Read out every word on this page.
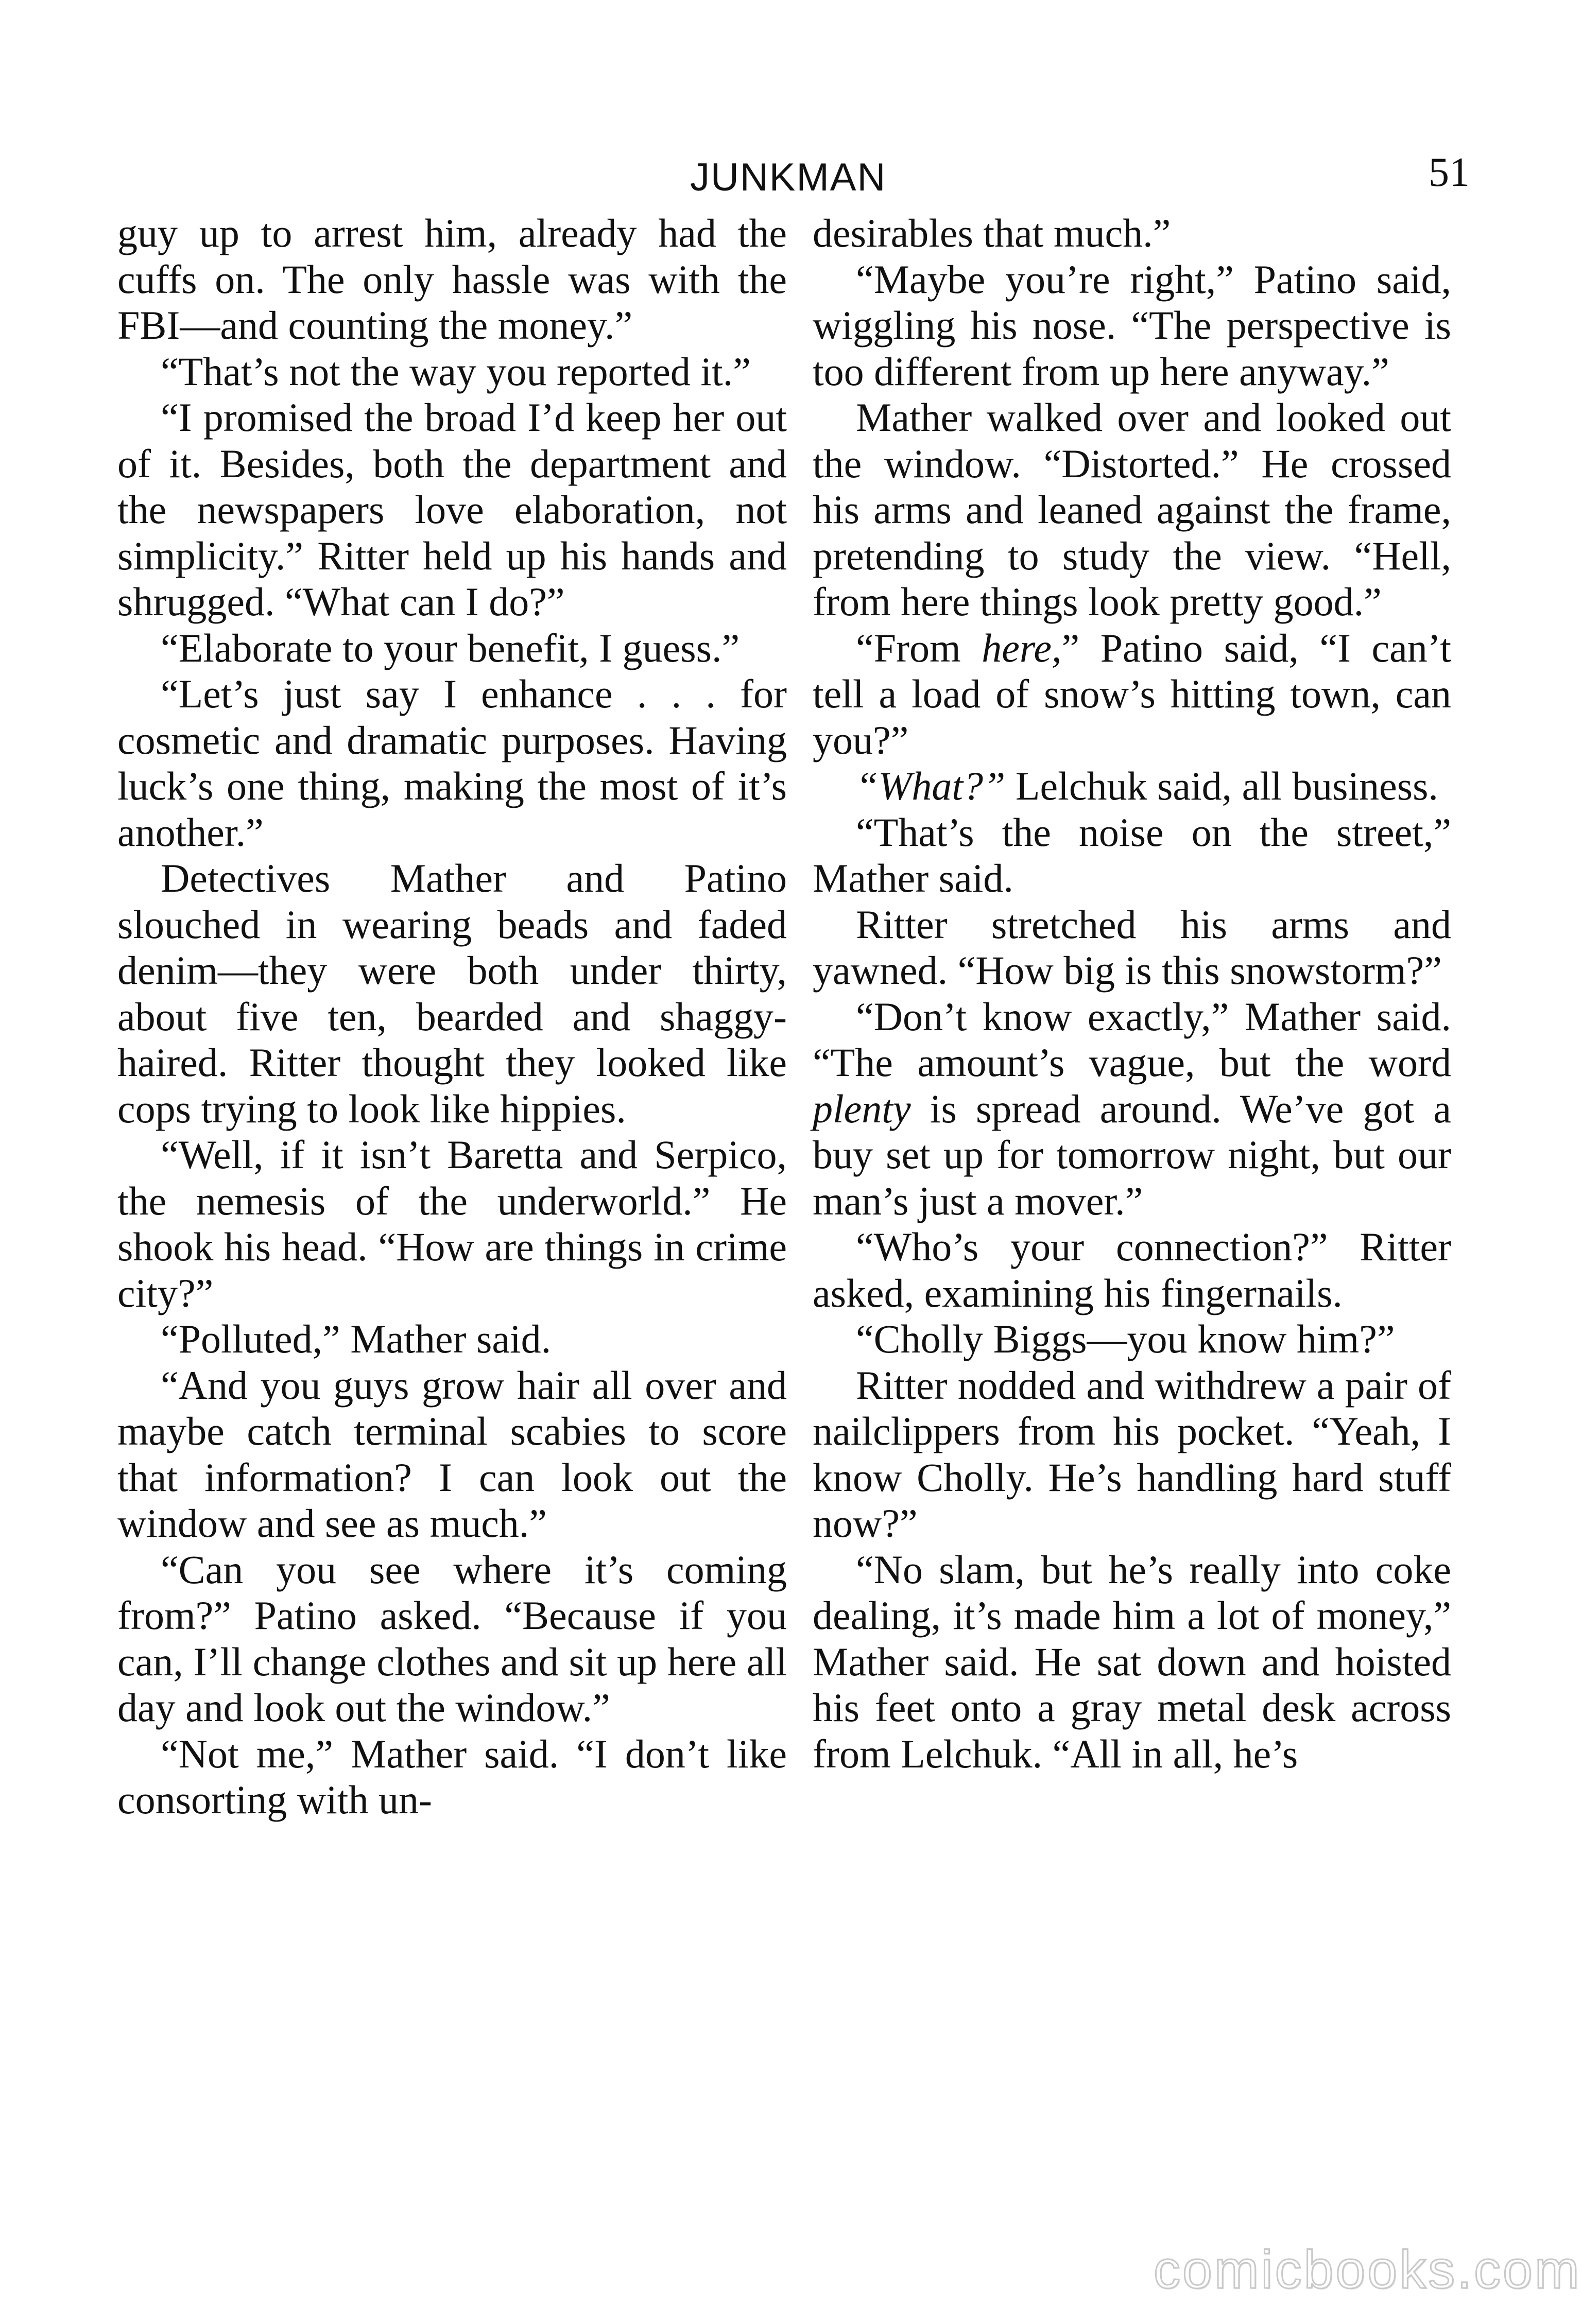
JUNKMAN	51

guy up to arrest him, already had the cuffs on. The only hassle was with the FBI—and counting the money.”

“That’s not the way you reported it.”

“I promised the broad I’d keep her out of it. Besides, both the department and the newspapers love elaboration, not simplicity.” Ritter held up his hands and shrugged. “What can I do?”

“Elaborate to your benefit, I guess.”

“Let’s just say I enhance . . . for cosmetic and dramatic purposes. Having luck’s one thing, making the most of it’s another.”

Detectives Mather and Patino slouched in wearing beads and faded denim—they were both under thirty, about five ten, bearded and shaggy-haired. Ritter thought they looked like cops trying to look like hippies.

“Well, if it isn’t Baretta and Serpico, the nemesis of the underworld.” He shook his head. “How are things in crime city?”

“Polluted,” Mather said.

“And you guys grow hair all over and maybe catch terminal scabies to score that information? I can look out the window and see as much.”

“Can you see where it’s coming from?” Patino asked. “Because if you can, I’ll change clothes and sit up here all day and look out the window.”

“Not me,” Mather said. “I don’t like consorting with un-

desirables that much.”

“Maybe you’re right,” Patino said, wiggling his nose. “The perspective is too different from up here anyway.”

Mather walked over and looked out the window. “Distorted.” He crossed his arms and leaned against the frame, pretending to study the view. “Hell, from here things look pretty good.”

“From here,” Patino said, “I can’t tell a load of snow’s hitting town, can you?”

“What?” Lelchuk said, all business.

“That’s the noise on the street,” Mather said.

Ritter stretched his arms and yawned. “How big is this snowstorm?”

“Don’t know exactly,” Mather said. “The amount’s vague, but the word plenty is spread around. We’ve got a buy set up for tomorrow night, but our man’s just a mover.”

“Who’s your connection?” Ritter asked, examining his fingernails.

“Cholly Biggs—you know him?”

Ritter nodded and withdrew a pair of nailclippers from his pocket. “Yeah, I know Cholly. He’s handling hard stuff now?”

“No slam, but he’s really into coke dealing, it’s made him a lot of money,” Mather said. He sat down and hoisted his feet onto a gray metal desk across from Lelchuk. “All in all, he’s

comicbooks.com
